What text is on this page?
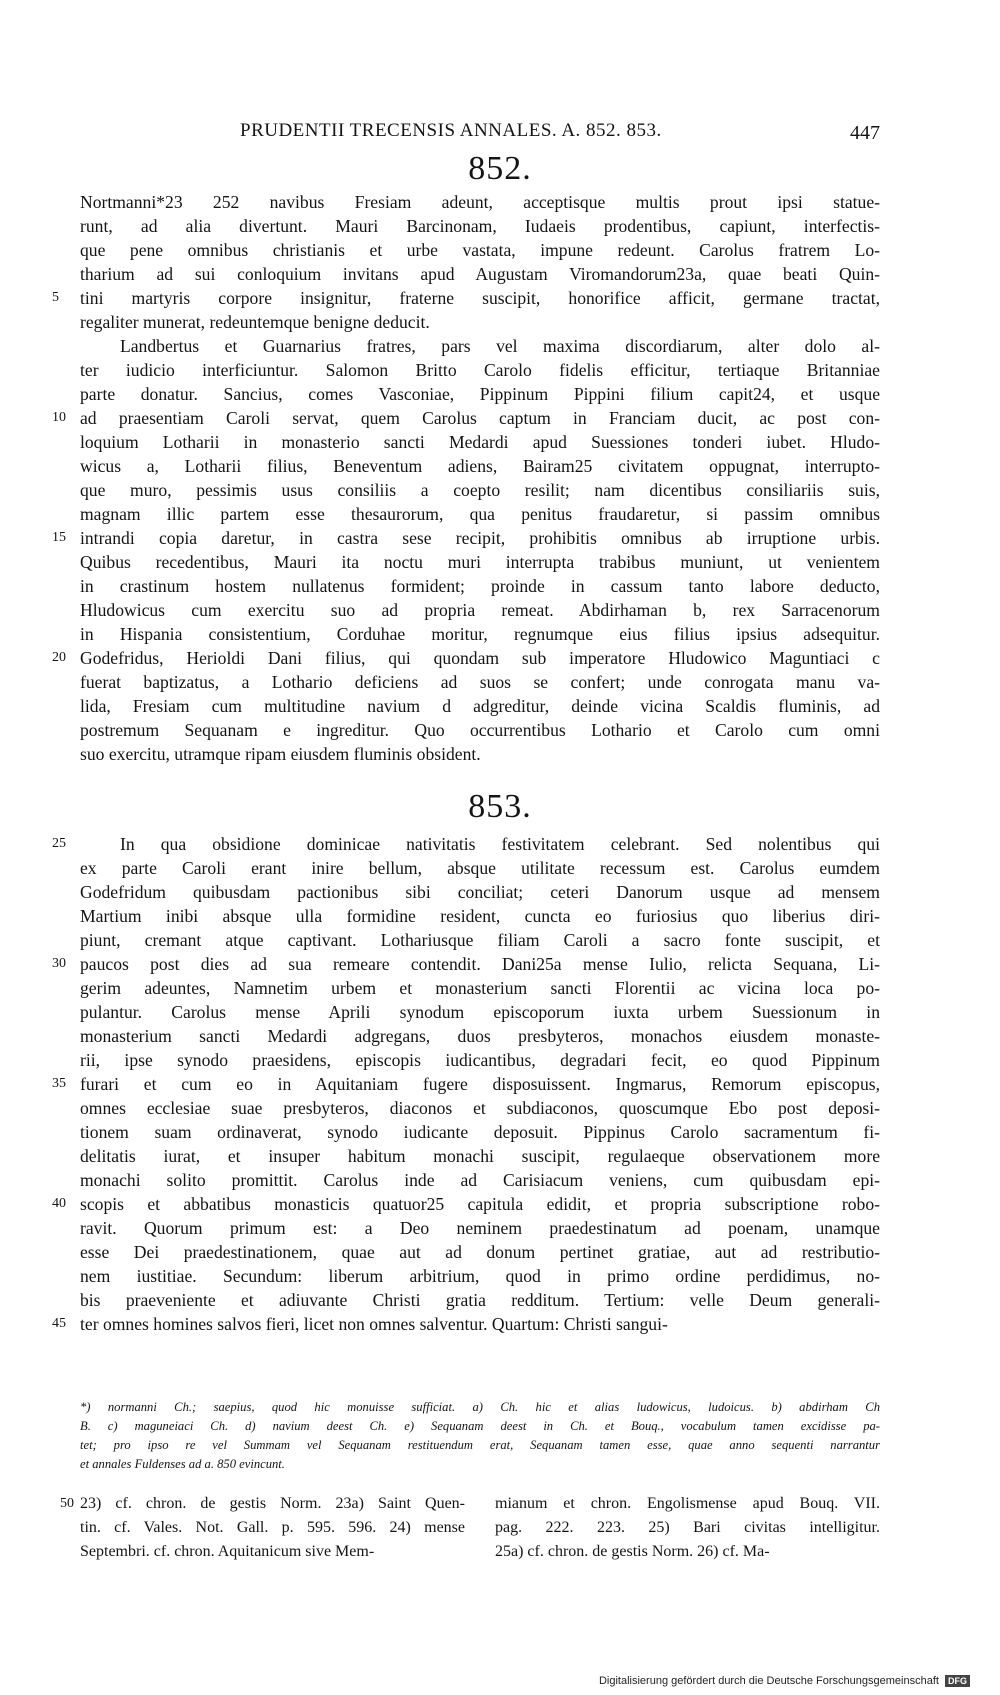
PRUDENTII TRECENSIS ANNALES. A. 852. 853.	447
852.
Nortmanni*23 252 navibus Fresiam adeunt, acceptisque multis prout ipsi statue-
runt, ad alia divertunt. Mauri Barcinonam, Iudaeis prodentibus, capiunt, interfectis-
que pene omnibus christianis et urbe vastata, impune redeunt. Carolus fratrem Lo-
tharium ad sui conloquium invitans apud Augustam Viromandorum23a, quae beati Quin-
5	tini martyris corpore insignitur, fraterne suscipit, honorifice afficit, germane tractat,
regaliter munerat, redeuntemque benigne deducit.
Landbertus et Guarnarius fratres, pars vel maxima discordiarum, alter dolo al-
ter iudicio interficiuntur. Salomon Britto Carolo fidelis efficitur, tertiaque Britanniae
parte donatur. Sancius, comes Vasconiae, Pippinum Pippini filium capit24, et usque
10 ad praesentiam Caroli servat, quem Carolus captum in Franciam ducit, ac post con-
loquium Lotharii in monasterio sancti Medardi apud Suessiones tonderi iubet. Hludo-
wicus a, Lotharii filius, Beneventum adiens, Bairam25 civitatem oppugnat, interrupto-
que muro, pessimis usus consiliis a coepto resilit; nam dicentibus consiliariis suis,
magnam illic partem esse thesaurorum, qua penitus fraudaretur, si passim omnibus
15 intrandi copia daretur, in castra sese recipit, prohibitis omnibus ab irruptione urbis.
Quibus recedentibus, Mauri ita noctu muri interrupta trabibus muniunt, ut venientem
in crastinum hostem nullatenus formident; proinde in cassum tanto labore deducto,
Hludowicus cum exercitu suo ad propria remeat. Abdirhaman b, rex Sarracenorum
in Hispania consistentium, Corduhae moritur, regnumque eius filius ipsius adsequitur.
20 Godefridus, Herioldi Dani filius, qui quondam sub imperatore Hludowico Maguntiaci c
fuerat baptizatus, a Lothario deficiens ad suos se confert; unde conrogata manu va-
lida, Fresiam cum multitudine navium d adgreditur, deinde vicina Scaldis fluminis, ad
postremum Sequanam e ingreditur. Quo occurrentibus Lothario et Carolo cum omni
suo exercitu, utramque ripam eiusdem fluminis obsident.
853.
25	In qua obsidione dominicae nativitatis festivitatem celebrant. Sed nolentibus qui
ex parte Caroli erant inire bellum, absque utilitate recessum est. Carolus eumdem
Godefridum quibusdam pactionibus sibi conciliat; ceteri Danorum usque ad mensem
Martium inibi absque ulla formidine resident, cuncta eo furiosius quo liberius diri-
piunt, cremant atque captivant. Lothariusque filiam Caroli a sacro fonte suscipit, et
30 paucos post dies ad sua remeare contendit. Dani25a mense Iulio, relicta Sequana, Li-
gerim adeuntes, Namnetim urbem et monasterium sancti Florentii ac vicina loca po-
pulantur. Carolus mense Aprili synodum episcoporum iuxta urbem Suessionum in
monasterium sancti Medardi adgregans, duos presbyteros, monachos eiusdem monaste-
rii, ipse synodo praesidens, episcopis iudicantibus, degradari fecit, eo quod Pippinum
35 furari et cum eo in Aquitaniam fugere disposuissent. Ingmarus, Remorum episcopus,
omnes ecclesiae suae presbyteros, diaconos et subdiaconos, quoscumque Ebo post deposi-
tionem suam ordinaverat, synodo iudicante deposuit. Pippinus Carolo sacramentum fi-
delitatis iurat, et insuper habitum monachi suscipit, regulaeque observationem more
monachi solito promittit. Carolus inde ad Carisiacum veniens, cum quibusdam epi-
40 scopis et abbatibus monasticis quatuor25 capitula edidit, et propria subscriptione robo-
ravit. Quorum primum est: a Deo neminem praedestinatum ad poenam, unamque
esse Dei praedestinationem, quae aut ad donum pertinet gratiae, aut ad restributio-
nem iustitiae. Secundum: liberum arbitrium, quod in primo ordine perdidimus, no-
bis praeveniente et adiuvante Christi gratia redditum. Tertium: velle Deum generali-
45 ter omnes homines salvos fieri, licet non omnes salventur. Quartum: Christi sangui-
*) normanni Ch.; saepius, quod hic monuisse sufficiat. a) Ch. hic et alias ludowicus, ludoicus. b) abdirham Ch
B. c) maguneiaci Ch. d) navium deest Ch. e) Sequanam deest in Ch. et Bouq., vocabulum tamen excidisse pa-
tet; pro ipso re vel Summam vel Sequanam restituendum erat, Sequanam tamen esse, quae anno sequenti narrantur
et annales Fuldenses ad a. 850 evincunt.
50 23) cf. chron. de gestis Norm. 23a) Saint Quen-
tin. cf. Vales. Not. Gall. p. 595. 596. 24) mense
Septembri. cf. chron. Aquitanicum sive Mem-
mianum et chron. Engolismense apud Bouq. VII.
pag. 222. 223. 25) Bari civitas intelligitur.
25a) cf. chron. de gestis Norm. 26) cf. Ma-
Digitalisierung gefördert durch die Deutsche Forschungsgemeinschaft DFG
